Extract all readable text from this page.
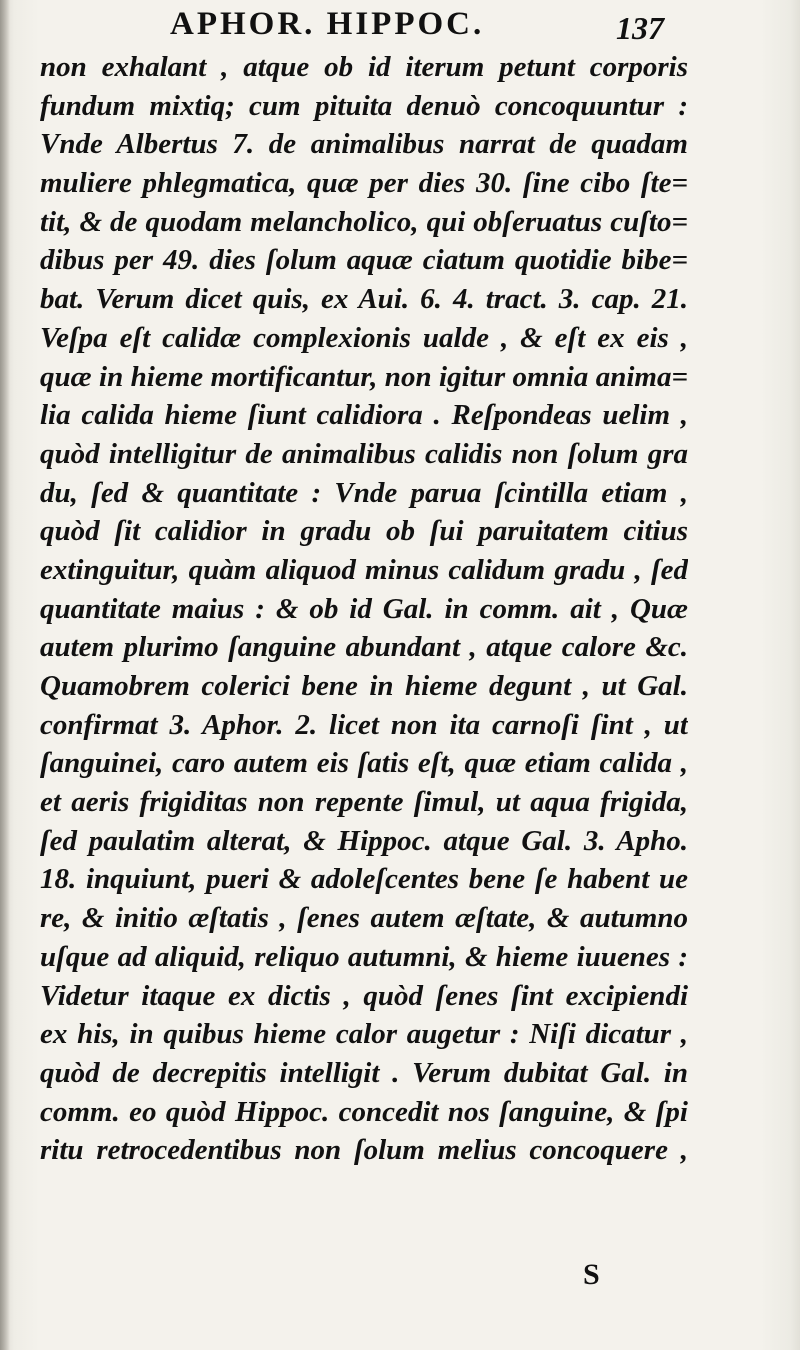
APHOR. HIPPOC.	137
non exhalant , atque ob id iterum petunt corporis
fundum mixtiq; cum pituita denuò concoquuntur :
Vnde Albertus 7. de animalibus narrat de quadam
muliere phlegmatica, quæ per dies 30. ſine cibo ſte=
tit, & de quodam melancholico, qui obſeruatus cuſto=
dibus per 49. dies ſolum aquæ ciatum quotidie bibe=
bat. Verum dicet quis, ex Aui. 6. 4. tract. 3. cap. 21.
Veſpa eſt calidæ complexionis ualde , & eſt ex eis ,
quæ in hieme mortificantur, non igitur omnia anima=
lia calida hieme ſiunt calidiora . Reſpondeas uelim ,
quòd intelligitur de animalibus calidis non ſolum gra
du, ſed & quantitate : Vnde parua ſcintilla etiam ,
quòd ſit calidior in gradu ob ſui paruitatem citius
extinguitur, quàm aliquod minus calidum gradu , ſed
quantitate maius : & ob id Gal. in comm. ait , Quæ
autem plurimo ſanguine abundant , atque calore &c.
Quamobrem colerici bene in hieme degunt , ut Gal.
confirmat 3. Aphor. 2. licet non ita carnoſi ſint , ut
ſanguinei, caro autem eis ſatis eſt, quæ etiam calida ,
et aeris frigiditas non repente ſimul, ut aqua frigida,
ſed paulatim alterat, & Hippoc. atque Gal. 3. Apho.
18. inquiunt, pueri & adoleſcentes bene ſe habent ue
re, & initio æſtatis , ſenes autem æſtate, & autumno
uſque ad aliquid, reliquo autumni, & hieme iuuenes :
Videtur itaque ex dictis , quòd ſenes ſint excipiendi
ex his, in quibus hieme calor augetur : Niſi dicatur ,
quòd de decrepitis intelligit . Verum dubitat Gal. in
comm. eo quòd Hippoc. concedit nos ſanguine, & ſpi
ritu retrocedentibus non ſolum melius concoquere ,
S
